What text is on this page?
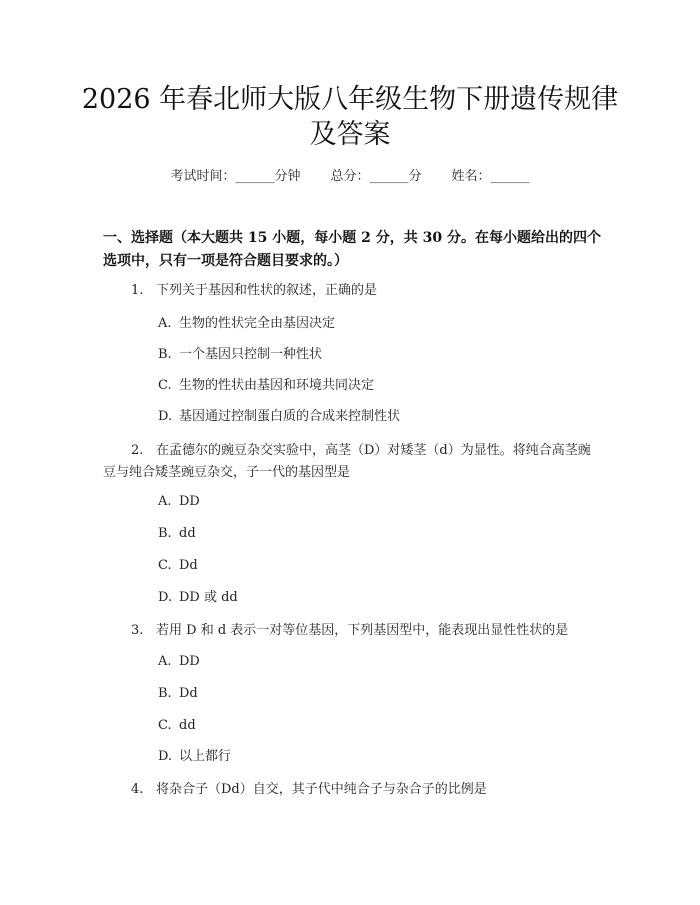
2026 年春北师大版八年级生物下册遗传规律
及答案
考试时间：______分钟 总分：______分 姓名：______
一、选择题（本大题共 15 小题，每小题 2 分，共 30 分。在每小题给出的四个选项中，只有一项是符合题目要求的。）
1. 下列关于基因和性状的叙述，正确的是
A. 生物的性状完全由基因决定
B. 一个基因只控制一种性状
C. 生物的性状由基因和环境共同决定
D. 基因通过控制蛋白质的合成来控制性状
2. 在孟德尔的豌豆杂交实验中，高茎（D）对矮茎（d）为显性。将纯合高茎豌豆与纯合矮茎豌豆杂交，子一代的基因型是
A. DD
B. dd
C. Dd
D. DD 或 dd
3. 若用 D 和 d 表示一对等位基因，下列基因型中，能表现出显性性状的是
A. DD
B. Dd
C. dd
D. 以上都行
4. 将杂合子（Dd）自交，其子代中纯合子与杂合子的比例是
